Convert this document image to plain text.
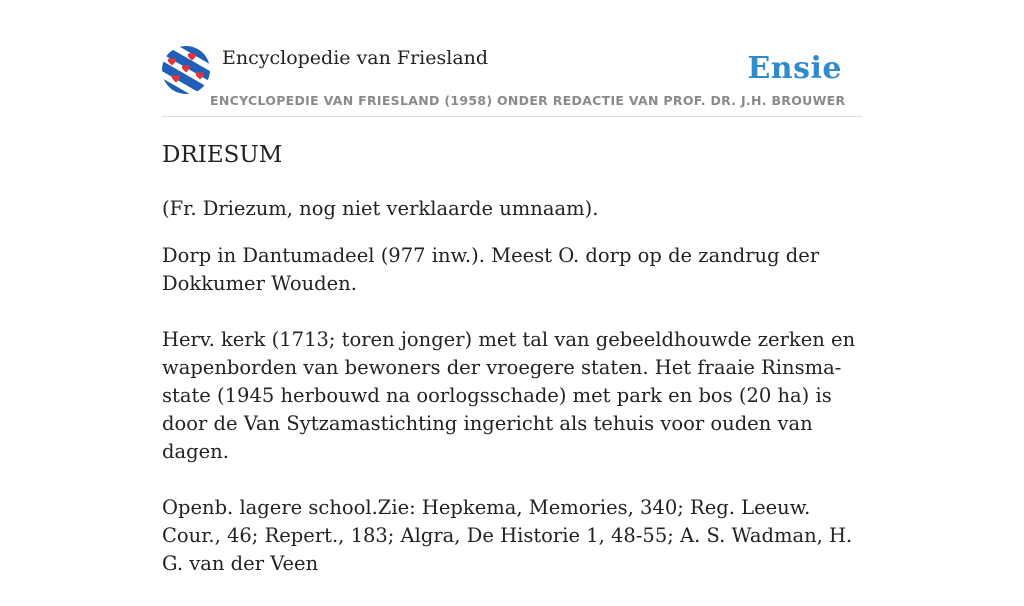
Encyclopedie van Friesland	Ensie
ENCYCLOPEDIE VAN FRIESLAND (1958) ONDER REDACTIE VAN PROF. DR. J.H. BROUWER
DRIESUM

(Fr. Driezum, nog niet verklaarde umnaam).

Dorp in Dantumadeel (977 inw.). Meest O. dorp op de zandrug der Dokkumer Wouden.

Herv. kerk (1713; toren jonger) met tal van gebeeldhouwde zerken en wapenborden van bewoners der vroegere staten. Het fraaie Rinsma-state (1945 herbouwd na oorlogsschade) met park en bos (20 ha) is door de Van Sytzamastichting ingericht als tehuis voor ouden van dagen.

Openb. lagere school.Zie: Hepkema, Memories, 340; Reg. Leeuw. Cour., 46; Repert., 183; Algra, De Historie 1, 48-55; A. S. Wadman, H. G. van der Veen
